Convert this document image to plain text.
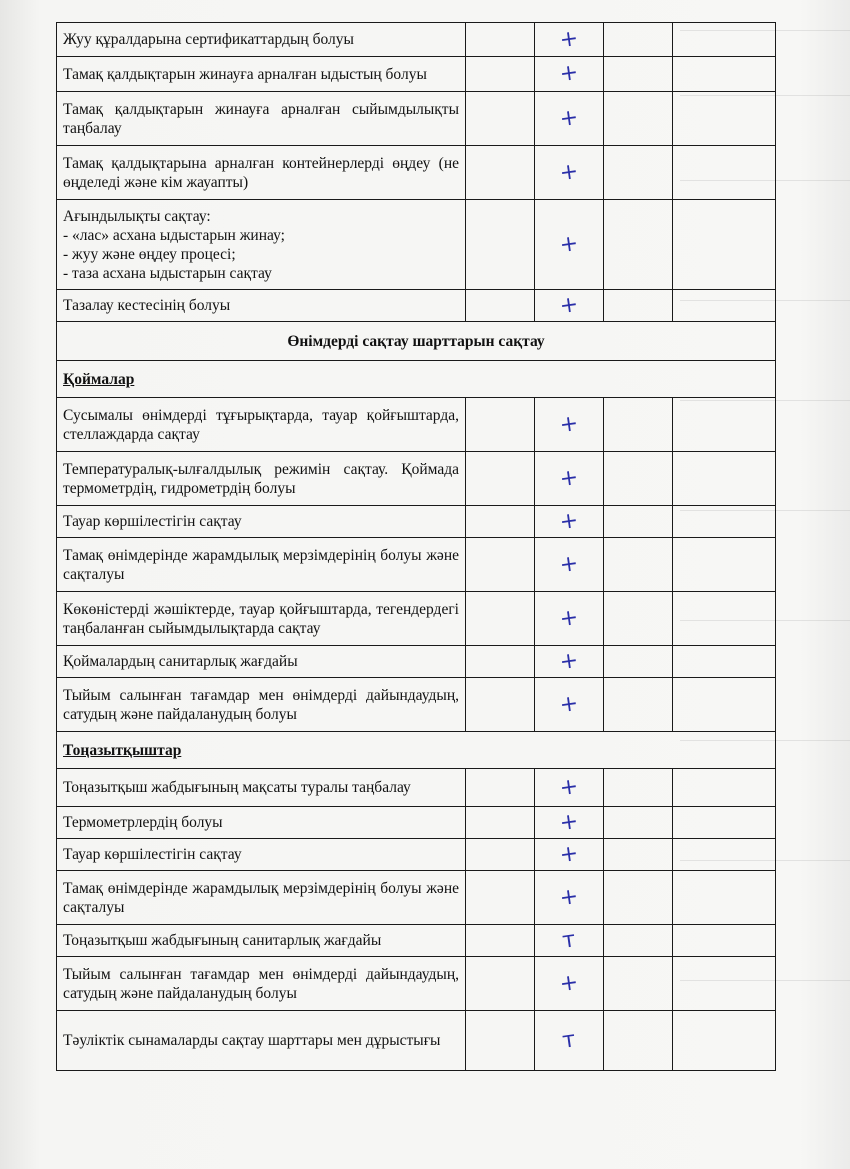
Жуу құралдарына сертификаттардың болуы		+		

Тамақ қалдықтарын жинауға арналған ыдыстың болуы		+		

Тамақ қалдықтарын жинауға арналған сыйымдылықты таңбалау		+		

Тамақ қалдықтарына арналған контейнерлерді өңдеу (не өңделеді және кім жауапты)		+		

Ағындылықты сақтау:
- «лас» асхана ыдыстарын жинау;
- жуу және өңдеу процесі;
- таза асхана ыдыстарын сақтау		+		

Тазалау кестесінің болуы		+		

Өнімдерді сақтау шарттарын сақтау				
Қоймалар				
Сусымалы өнімдерді тұғырықтарда, тауар қойғыштарда, стеллаждарда сақтау		+		

Температуралық-ылғалдылық режимін сақтау. Қоймада термометрдің, гидрометрдің болуы		+		

Тауар көршілестігін сақтау		+		

Тамақ өнімдерінде жарамдылық мерзімдерінің болуы және сақталуы		+		

Көкөністерді жәшіктерде, тауар қойғыштарда, тегендердегі таңбаланған сыйымдылықтарда сақтау		+		

Қоймалардың санитарлық жағдайы		+		

Тыйым салынған тағамдар мен өнімдерді дайындаудың, сатудың және пайдаланудың болуы		+		

Тоңазытқыштар				
Тоңазытқыш жабдығының мақсаты туралы таңбалау		+		

Термометрлердің болуы		+		

Тауар көршілестігін сақтау		+		

Тамақ өнімдерінде жарамдылық мерзімдерінің болуы және сақталуы		+		

Тоңазытқыш жабдығының санитарлық жағдайы		т		

Тыйым салынған тағамдар мен өнімдерді дайындаудың, сатудың және пайдаланудың болуы		+		

Тәуліктік сынамаларды сақтау шарттары мен дұрыстығы		т		
